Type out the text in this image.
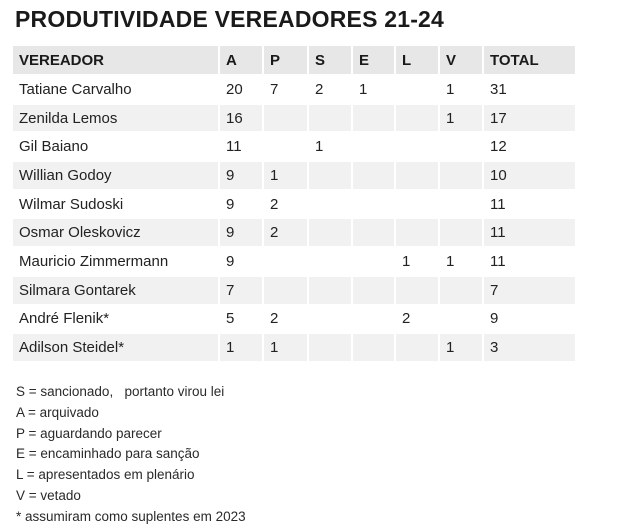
PRODUTIVIDADE VEREADORES 21-24
VEREADOR	A	P	S	E	L	V	TOTAL
Tatiane Carvalho	20	7	2	1		1	31
Zenilda Lemos	16					1	17
Gil Baiano	11		1				12
Willian Godoy	9	1					10
Wilmar Sudoski	9	2					11
Osmar Oleskovicz	9	2					11
Mauricio Zimmermann	9				1	1	11
Silmara Gontarek	7						7
André Flenik*	5	2			2		9
Adilson Steidel*	1	1				1	3
S = sancionado,   portanto virou lei
A = arquivado
P = aguardando parecer
E = encaminhado para sanção
L = apresentados em plenário
V = vetado
* assumiram como suplentes em 2023
